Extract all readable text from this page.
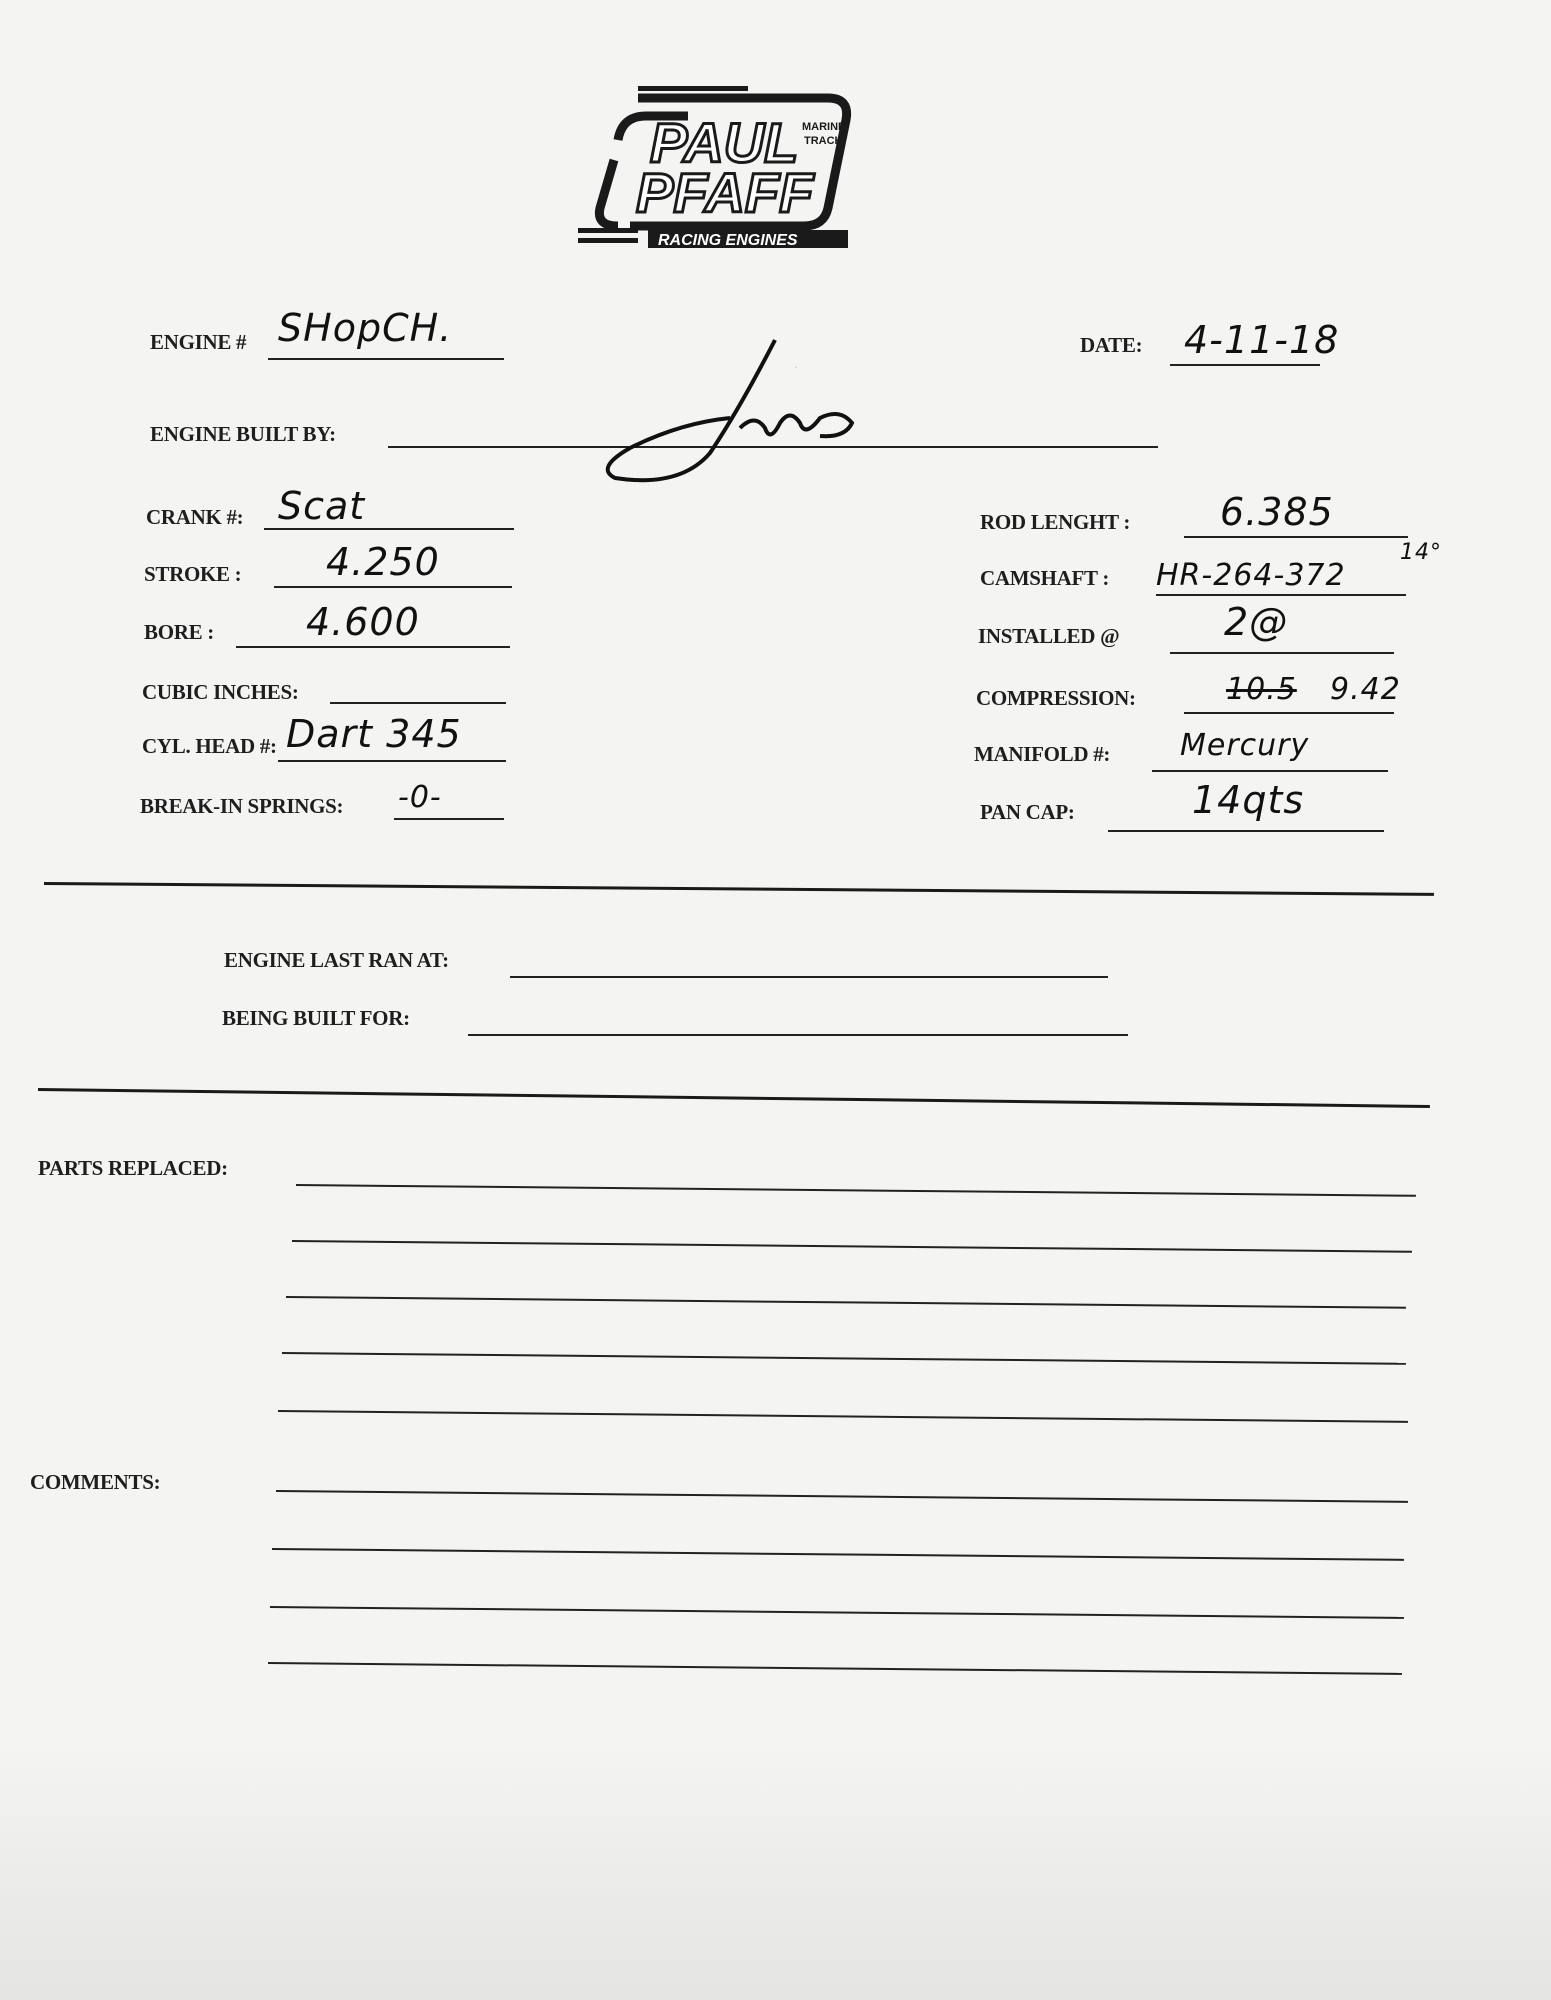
PAUL
PFAFF
MARINE
TRACK
RACING ENGINES
ENGINE # SHopCH.	DATE: 4-11-18
ENGINE BUILT BY:
Jim
CRANK #: Scat
STROKE : 4.250
BORE : 4.600
CUBIC INCHES:
CYL. HEAD #: Dart 345
BREAK-IN SPRINGS: -0-
ROD LENGHT : 6.385
CAMSHAFT : HR-264-372
14°
INSTALLED @	2@
COMPRESSION:	10.5 9.42
MANIFOLD #: Mercury
PAN CAP:	14qts
ENGINE LAST RAN AT:
BEING BUILT FOR:
PARTS REPLACED:
COMMENTS:
